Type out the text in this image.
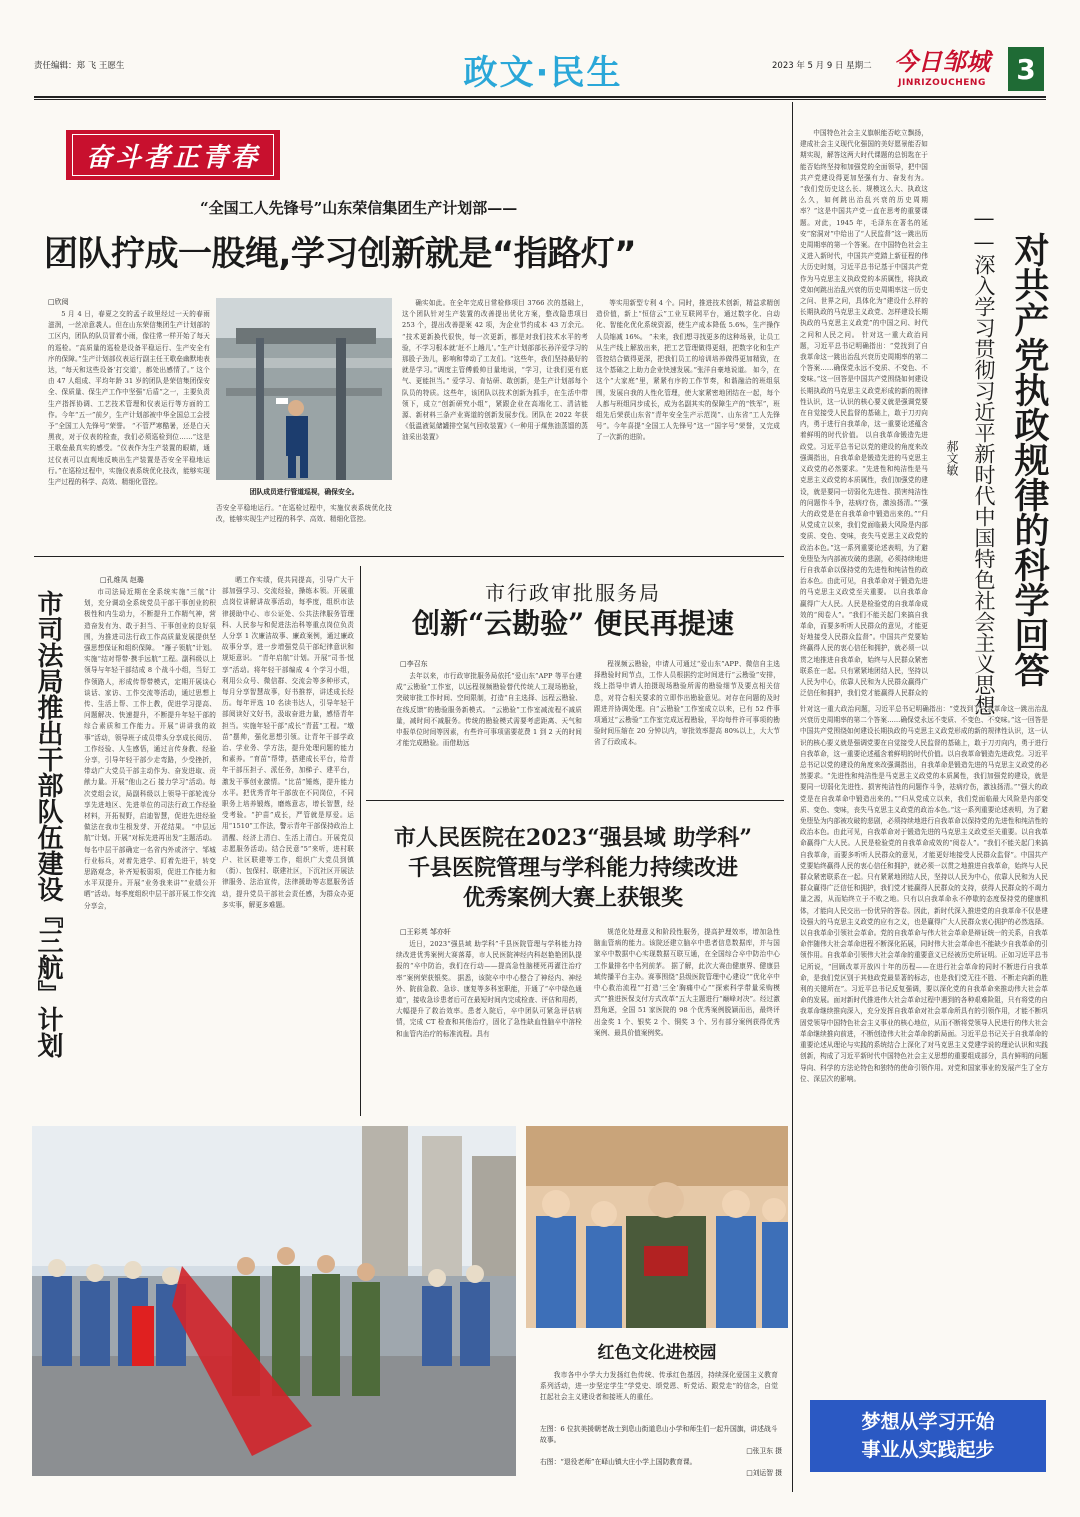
责任编辑：郑 飞 王愿生	政文·民生	2023 年 5 月 9 日 星期二 今日邹城
JINRIZOUCHENG	3
奋斗者正青春
“全国工人先锋号”山东荣信集团生产计划部——
团队拧成一股绳,学习创新就是“指路灯”
□欣阅

5 月 4 日，春夏之交的孟子故里经过一天的春雨滋润，一丝凉意袭人。但在山东荣信集团生产计划部的工区内，团队的队员冒着小雨，像往常一样开始了每天的巡检。“高质量的巡检是设备平稳运行、生产安全有序的保障。”生产计划部仪表运行副主任王歌垒幽默地表达，“每天和这些设备‘打交道’，都处出感情了。” 这个由 47 人组成、平均年龄 31 岁的团队是荣信集团保安全、保质量、保生产工作中坚强“后盾”之一，主要负责生产指挥协调、工艺技术管理和仪表运行等方面的工作。今年“五一”前夕，生产计划部被中华全国总工会授予“全国工人先锋号”荣誉。 “不管严寒酷暑，还是白天黑夜，对于仪表的检查，我们必须巡检到位……”这是王歌垒最真实的感受。“仪表作为生产装置的眼睛，通过仪表可以直观地反映出生产装置是否安全平稳地运行。”在巡检过程中，实施仪表系统优化技改，能够实现生产过程的科学、高效、精细化管控。

团队成员进行管道巡视，确保安全。

否安全平稳地运行。“在巡检过程中，实施仪表系统优化技改，能够实现生产过程的科学、高效、精细化管控。

确实如此。在全年完成日常检修项目 3766 次的基础上，这个团队针对生产装置的改善提出优化方案，整改隐患项目 253 个，提出改善提案 42 项，为企业节约成本 43 万余元。 “技术更新换代很快，每一次更新，都是对我们技术水平的考验，不学习根本就‘赶不上趟儿’。”生产计划部部长孙洋爱学习的那股子劲儿，影响和带动了工友们。“这些年，我们坚持最好的就是学习。”调度主管傅毅帅目量地说，“学习，让我们更有底气、更能担当。” 爱学习、肯钻研、敢创新，是生产计划部每个队员的特质。这些年，该团队以技术创新为抓手，在生活中带领下，成立“创新研究小组”，紧跟企业在高端化工、清洁能源、新材料三条产业赛道的创新发展步伐。团队在 2022 年获《低温液氮储罐排空氮气回收装置》《一种用于煤焦油蒸馏的蒸油采出装置》

等实用新型专利 4 个。同时，推进技术创新，精益求精创造价值，新上“恒信云”工业互联网平台，通过数字化、自动化、智能化优化系统资源，使生产成本降低 5.6%，生产操作人员缩减 16%。 “未来，我们想寻找更多的这种场景，让员工从生产线上解放出来，把工艺管理做得更细，把数字化和生产管控结合做得更深，把我们员工的培训培养做得更加精致，在这个基础之上助力企业快速发展。”张洋自豪地说道。 如今，在这个“大家庭”里，紧紧有序的工作节奏，和谐融洽的班组氛围，发展自我的人性化管理，使大家紧密地团结在一起，每个人都与班组同步成长，成为名副其实的保障生产的“铁军”，班组先后荣获山东省“青年安全生产示范岗”、山东省“工人先锋号”。今年喜提“全国工人先锋号”这一“国字号”荣誉，又完成了一次新的进阶。

市司法局推出干部队伍建设『三航』计划
□孔维凤 赵璐

市司法局近期在全系统实施“三航”计划，充分调动全系统党员干部干事创业的积极性和内生动力，不断提升工作精气神，营造奋发有为、敢于担当、干事创业的良好氛围，为推进司法行政工作高质量发展提供坚强思想保证和组织保障。 “雁子领航”计划。实施“结对帮带·携手远航”工程。副科级以上领导与年轻干部结成 8 个战斗小组，当好工作领路人，形成传帮带模式，定期开展谈心谈话、家访、工作交流等活动，通过思想上传、生活上帮、工作上教，促进学习提高、问题解决、快速提升，不断提升年轻干部的综合素质和工作能力。开展“讲讲我的故事”活动，领导班子成员带头分享成长阅历、工作经验、人生感悟，通过言传身教、经验分享，引导年轻干部少走弯路，少受挫折，带动广大党员干部主动作为、奋发进取、贡献力量。开展“他山之石 接力学习”活动。每次党组会议，局副科级以上领导干部轮流分享先进地区、先进单位的司法行政工作经验材料，开拓视野，启迪智慧，促进先进经验做法在我市生根发芽、开花结果。 “中层远航”计划。开展“对标先进再出发”主题活动。每名中层干部确定一名省内外或济宁、邹城行业标兵，对着先进学、盯着先进干，转变思路观念，补齐短板弱项，促进工作能力和水平双提升。开展“业务我来讲”“业绩公开晒”活动。每季度组织中层干部开展工作交流分享会，

晒工作实绩，促共同提高，引导广大干部加强学习、交流经验，操练本领。开展重点岗位讲解讲故事活动，每季度，组织市法律援助中心、市公证处、公共法律服务管理科、人民参与和促进法治科等重点岗位负责人分享 1 次廉洁故事、廉政案例，通过廉政故事分享，进一步增强党员干部纪律意识和规矩意识。 “青年启航”计划。开展“司书·悦享”活动。将年轻干部编成 4 个学习小组，利用公众号、微信群、交流会等多种形式，每月分享智慧故事，好书推荐，讲述成长经历。每年评选 10 名读书达人，引导年轻干部阅读好文好书，汲取奋进力量，感悟青年担当。实施年轻干部“成长”青蓝“工程。“墩苗”摆帅，强化思想引领。让青年干部学政治、学业务、学方法，提升处理问题的能力和素养。“育苗”帮带，搭建成长平台，给青年干部压担子、派任务，加梯子、建平台，激发干事创业激情。“比苗”锤炼，提升能力水平。把优秀青年干部放在不同岗位，不同职务上培养锻炼，磨炼意志，增长智慧，经受考验。“护苗”成长，严管就是厚爱。运用“1510”工作法，警示青年干部保持政治上清醒、经济上清白、生活上清白。开展党员志愿服务活动。结合民意“5”来听，进村联户、社区联建等工作，组织广大党员到镇（街）、包保村、联建社区，下沉社区开展法律服务、法治宣传，法律援助等志愿服务活动，提升党员干部社会责任感，为群众办更多实事，解更多难题。

市行政审批服务局
创新“云勘验” 便民再提速
□李召东

去年以来，市行政审批服务局依托“爱山东”APP 等平台建成“云勘验”工作室，以远程视频勘验替代传统人工现场勘验，突破审批工作时间、空间限制，打造“自主选择、远程云勘验、在线反馈”的勘验服务新模式。 “云勘验”工作室减流程不减质量，减时间不减服务。传统的勘验模式需要考虑距离、天气和申报单位时间等因素，有些许可事项需要花费 1 到 2 天的时间才能完成勘验。而借助远

程视频云勘验，申请人可通过“爱山东”APP、微信自主选择勘验时间节点，工作人员根据约定时间进行“云勘验”安排，线上指导申请人拍摄现场勘验所需的勘验细节及要点相关信息，对符合相关要求的立即作出勘验意见。对存在问题的及时跟进并协调处理。自“云勘验”工作室成立以来，已有 52 件事项通过“云勘验”工作室完成远程勘验，平均每件许可事项的勘验时间压缩在 20 分钟以内，审批效率提高 80%以上，大大节省了行政成本。

市人民医院在2023“强县域 助学科”
千县医院管理与学科能力持续改进
优秀案例大赛上获银奖
□王彩英 邹亦轩

近日，2023“强县域 助学科”千县医院管理与学科能力持续改进优秀案例大赛落幕，市人民医院神经内科赵艳艳团队提报的“卒中防治，我们在行动——提高急性脑梗死再灌注治疗率”案例荣获银奖。 据悉，该院卒中中心整合了神经内、神经外、院前急救、急诊、康复等多科室职能，开通了“卒中绿色通道”，接收急诊患者后可在最短时间内完成检查、评估和用药，大幅提升了救治效率。患者入院后，卒中团队可紧急评估病情，完成 CT 检查和其他治疗，固化了急性缺血性脑卒中溶栓和血管内治疗的标准流程。具有

规范化处理意义和阶段性服务，提高护理效率，增加急性脑血管病的能力。该院还建立脑卒中患者信息数据库，并与国家卒中数据中心实现数据互联互通，在全国综合卒中防治中心工作量排名中名列前茅。 据了解，此次大赛由健康界、健康县域传播平台主办。赛事围绕“县级医院管理中心建设”“优化卒中中心救治流程”“打造‘三全’胸痛中心”“探索科学带量采购模式”“推进医保支付方式改革”五大主题进行“巅峰对决”。经过激烈角逐，全国 51 家医院的 98 个优秀案例脱颖而出，最终评出金奖 1 个、银奖 2 个、铜奖 3 个、另有部分案例获得优秀案例、最具价值案例奖。

中国特色社会主义旗帜能否屹立飘扬，建成社会主义现代化强国的美好愿景能否如期实现，解答这两大时代课题的总钥匙在于能否始终坚持和加强党的全面领导，把中国共产党建设得更加坚强有力、奋发有为。 “我们党历史这么长、规模这么大、执政这么久，如何跳出治乱兴衰的历史周期率？”这是中国共产党一直在思考的重要课题。对此，1945 年，毛泽东在著名的延安“窑洞对”中给出了“人民监督”这一跳出历史周期率的第一个答案。在中国特色社会主义进入新时代，中国共产党踏上新征程的伟大历史时刻，习近平总书记基于中国共产党作为马克思主义执政党的本质属性，将执政党如何跳出治乱兴衰的历史周期率这一历史之问、世界之问，具体化为“建设什么样的长期执政的马克思主义政党、怎样建设长期执政的马克思主义政党”的中国之问、时代之问和人民之问。 针对这一重大政治问题，习近平总书记明确指出：“党找到了自我革命这一跳出治乱兴衰历史周期率的第二个答案……确保党永远不变质、不变色、不变味。”这一回答是中国共产党围绕如何建设长期执政的马克思主义政党形成的新的规律性认识，这一认识的核心要义就是强调党要在自觉接受人民监督的基础上，敢于刀刃向内，勇于进行自我革命，这一重要论述蕴含着鲜明的时代价值。 以自我革命锻造先进政党。习近平总书记以党的建设的角度来改强调指出，自我革命是锻造先进的马克思主义政党的必然要求。“先进性和纯洁性是马克思主义政党的本质属性，我们加强党的建设，就是要同一切弱化先进性、损害纯洁性的问题作斗争，祛病疗伤，激浊扬清。”“强大的政党是在自我革命中锻造出来的。”“归从党成立以来，我们党面临最大风险是内部变质、变色、变味，丧失马克思主义政党的政治本色。”这一系列重要论述表明，为了避免堕坠为内部被攻破的悲剧，必须持续地进行自我革命以保持党的先进性和纯洁性的政治本色。由此可见，自我革命对于锻造先进的马克思主义政党至关重要。 以自我革命赢得广大人民。人民是检验党的自我革命成效的“阅卷人”。“我们不能关起门来搞自我革命，而要多听听人民群众的意见，才能更好地接受人民群众监督”。中国共产党要始终赢得人民的衷心信任和拥护，就必须一以贯之地推进自我革命，始终与人民群众紧密联系在一起。只有紧紧地团结人民，坚持以人民为中心，依靠人民和为人民群众赢得广泛信任和拥护，我们党才能赢得人民群众的

对共产党执政规律的科学回答
——深入学习贯彻习近平新时代中国特色社会主义思想
郝文敏

针对这一重大政治问题，习近平总书记明确指出：“党找到了自我革命这一跳出治乱兴衰历史周期率的第二个答案……确保党永远不变质、不变色、不变味。”这一回答是中国共产党围绕如何建设长期执政的马克思主义政党形成的新的规律性认识，这一认识的核心要义就是强调党要在自觉接受人民监督的基础上，敢于刀刃向内，勇于进行自我革命，这一重要论述蕴含着鲜明的时代价值。以自我革命锻造先进政党。习近平总书记以党的建设的角度来改强调指出，自我革命是锻造先进的马克思主义政党的必然要求。“先进性和纯洁性是马克思主义政党的本质属性，我们加强党的建设，就是要同一切弱化先进性、损害纯洁性的问题作斗争，祛病疗伤，激浊扬清。”“强大的政党是在自我革命中锻造出来的。”“归从党成立以来，我们党面临最大风险是内部变质、变色、变味，丧失马克思主义政党的政治本色。”这一系列重要论述表明，为了避免堕坠为内部被攻破的悲剧，必须持续地进行自我革命以保持党的先进性和纯洁性的政治本色。由此可见，自我革命对于锻造先进的马克思主义政党至关重要。以自我革命赢得广大人民。人民是检验党的自我革命成效的“阅卷人”。“我们不能关起门来搞自我革命，而要多听听人民群众的意见，才能更好地接受人民群众监督”。中国共产党要始终赢得人民的衷心信任和拥护，就必须一以贯之地推进自我革命，始终与人民群众紧密联系在一起。只有紧紧地团结人民，坚持以人民为中心，依靠人民和为人民群众赢得广泛信任和拥护，我们党才能赢得人民群众的支持，获得人民群众的不竭力量之源，从而始终立于不败之地。只有以自我革命永不停歇的态度保持党的健康机体，才能向人民交出一份优异的答卷。因此，新时代深入推进党的自我革命不仅是建设强大的马克思主义政党的应有之义，也是赢得广大人民群众衷心拥护的必然选择。以自我革命引领社会革命。党的自我革命与伟大社会革命是辩证统一的关系，自我革命伴随伟大社会革命进程不断深化拓展，同时伟大社会革命也不能缺少自我革命的引领作用。自我革命引领伟大社会革命的重要意义已经被历史所证明。正如习近平总书记所说，“回顾改革开放四十年的历程——在进行社会革命的同时不断进行自我革命，是我们党区别于其他政党最显著的标志，也是我们党无往不胜、不断走向新的胜利的关键所在”。习近平总书记反复强调，要以深化党的自我革命来推动伟大社会革命的发展。面对新时代推进伟大社会革命过程中遇到的各种艰难险阻，只有将党的自我革命继续推向深入，充分发挥自我革命对社会革命所具有的引领作用，才能不断巩固党领导中国特色社会主义事业的核心地位，从而不断将党领导人民进行的伟大社会革命继续推向前进，不断创造伟大社会革命的新局面。习近平总书记关于自我革命的重要论述从理论与实践的系统结合上深化了对马克思主义党建学说的理论认识和实践创新，构成了习近平新时代中国特色社会主义思想的重要组成部分，具有鲜明的问题导向、科学的方法论特色和独特的使命引领作用。对党和国家事业的发展产生了全方位、深层次的影响。

梦想从学习开始
事业从实践起步
红色文化进校园

我市各中小学大力发扬红色传统、传承红色基因，持续深化爱国主义教育系列活动，进一步坚定学生“学党史、颂党恩、听党话、跟党走”的信念，自觉扛起社会主义建设者和接班人的重任。

左图：6 位抗美援朝老战士到息山街道息山小学和师生们一起升国旗，讲述战斗故事。
□张卫东 摄
右图：“退役老师”在峄山镇大庄小学上国防教育课。
□刘运智 摄
